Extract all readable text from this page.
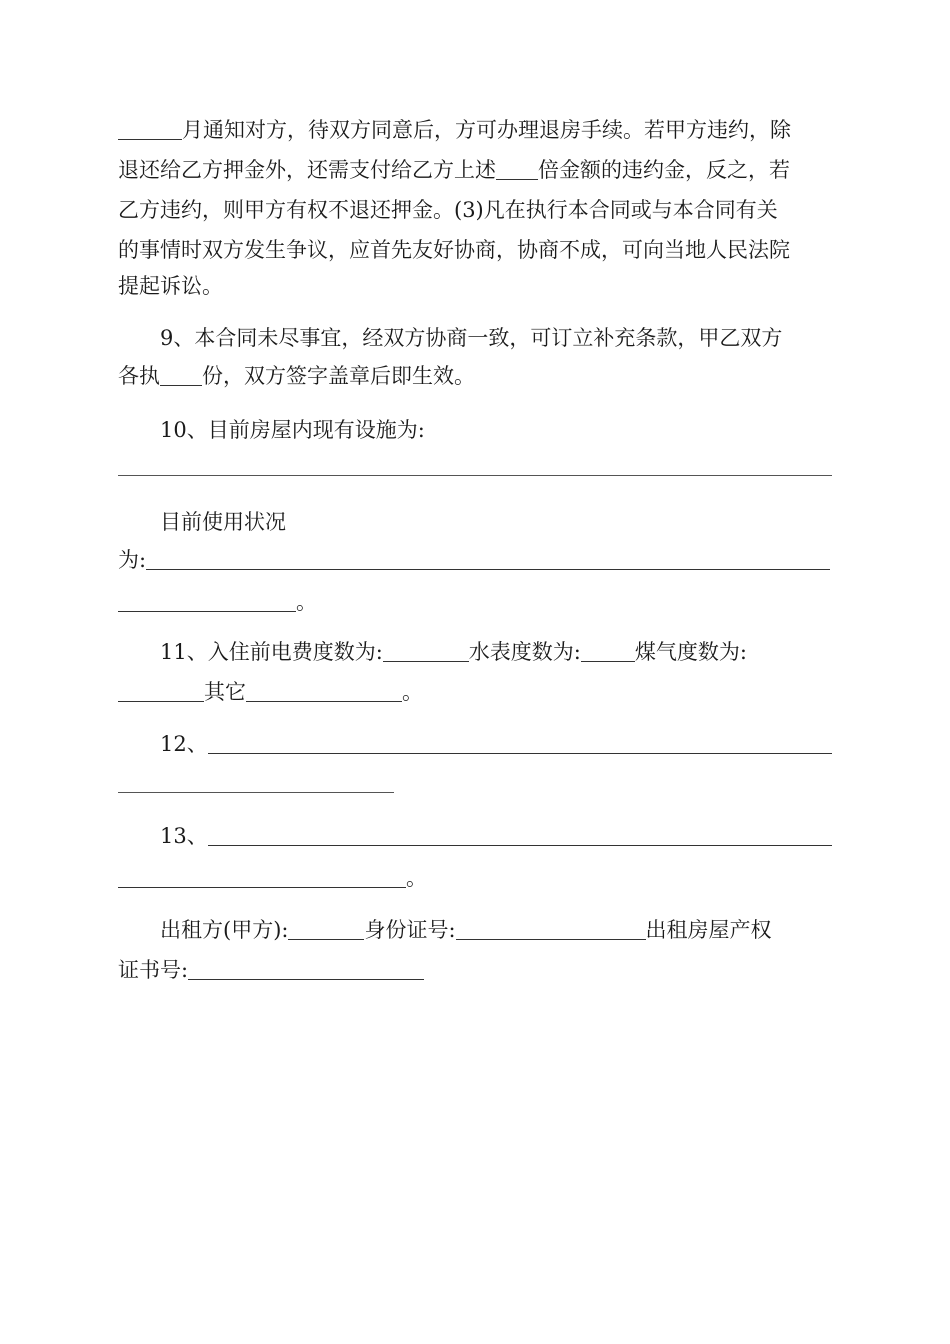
月通知对方，待双方同意后，方可办理退房手续。若甲方违约，除
退还给乙方押金外，还需支付给乙方上述 倍金额的违约金，反之，若
乙方违约，则甲方有权不退还押金。(3)凡在执行本合同或与本合同有关
的事情时双方发生争议，应首先友好协商，协商不成，可向当地人民法院
提起诉讼。
9、本合同未尽事宜，经双方协商一致，可订立补充条款，甲乙双方
各执 份，双方签字盖章后即生效。
10、目前房屋内现有设施为:
目前使用状况
为:
。
11、入住前电费度数为:	水表度数为:	煤气度数为:
其它	。
12、
13、
。
出租方(甲方):	身份证号:	出租房屋产权
证书号:
